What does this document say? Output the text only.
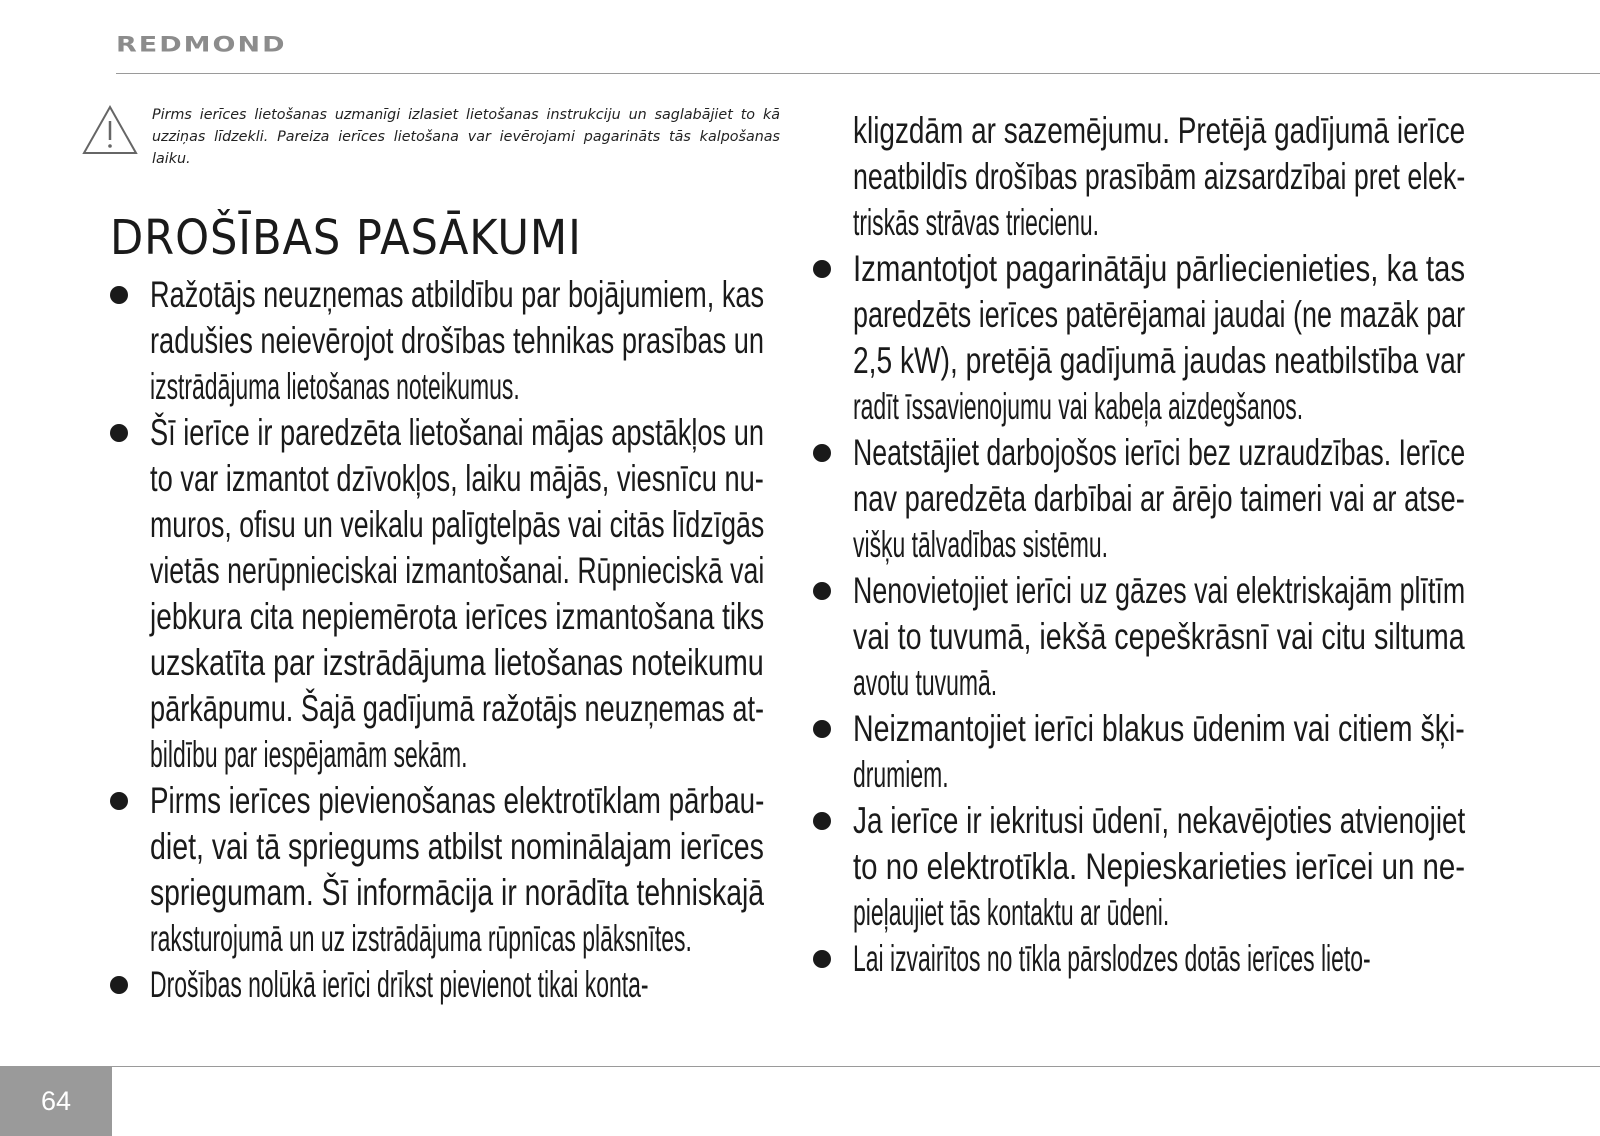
REDMOND
Pirms ierīces lietošanas uzmanīgi izlasiet lietošanas instrukciju un saglabājiet to kā uzziņas līdzekli. Pareiza ierīces lietošana var ievērojami pagarināts tās kalpošanas laiku.
DROŠĪBAS PASĀKUMI
Ražotājs neuzņemas atbildību par bojājumiem, kas
radušies neievērojot drošības tehnikas prasības un
izstrādājuma lietošanas noteikumus.
Šī ierīce ir paredzēta lietošanai mājas apstākļos un
to var izmantot dzīvokļos, laiku mājās, viesnīcu nu-
muros, ofisu un veikalu palīgtelpās vai citās līdzīgās
vietās nerūpnieciskai izmantošanai. Rūpnieciskā vai
jebkura cita nepiemērota ierīces izmantošana tiks
uzskatīta par izstrādājuma lietošanas noteikumu
pārkāpumu. Šajā gadījumā ražotājs neuzņemas at-
bildību par iespējamām sekām.
Pirms ierīces pievienošanas elektrotīklam pārbau-
diet, vai tā spriegums atbilst nominālajam ierīces
spriegumam. Šī informācija ir norādīta tehniskajā
raksturojumā un uz izstrādājuma rūpnīcas plāksnītes.
Drošības nolūkā ierīci drīkst pievienot tikai konta-
kligzdām ar sazemējumu. Pretējā gadījumā ierīce
neatbildīs drošības prasībām aizsardzībai pret elek-
triskās strāvas triecienu.
Izmantotjot pagarinātāju pārliecienieties, ka tas
paredzēts ierīces patērējamai jaudai (ne mazāk par
2,5 kW), pretējā gadījumā jaudas neatbilstība var
radīt īssavienojumu vai kabeļa aizdegšanos.
Neatstājiet darbojošos ierīci bez uzraudzības. Ierīce
nav paredzēta darbībai ar ārējo taimeri vai ar atse-
višķu tālvadības sistēmu.
Nenovietojiet ierīci uz gāzes vai elektriskajām plītīm
vai to tuvumā, iekšā cepeškrāsnī vai citu siltuma
avotu tuvumā.
Neizmantojiet ierīci blakus ūdenim vai citiem šķi-
drumiem.
Ja ierīce ir iekritusi ūdenī, nekavējoties atvienojiet
to no elektrotīkla. Nepieskarieties ierīcei un ne-
pieļaujiet tās kontaktu ar ūdeni.
Lai izvairītos no tīkla pārslodzes dotās ierīces lieto-
64
